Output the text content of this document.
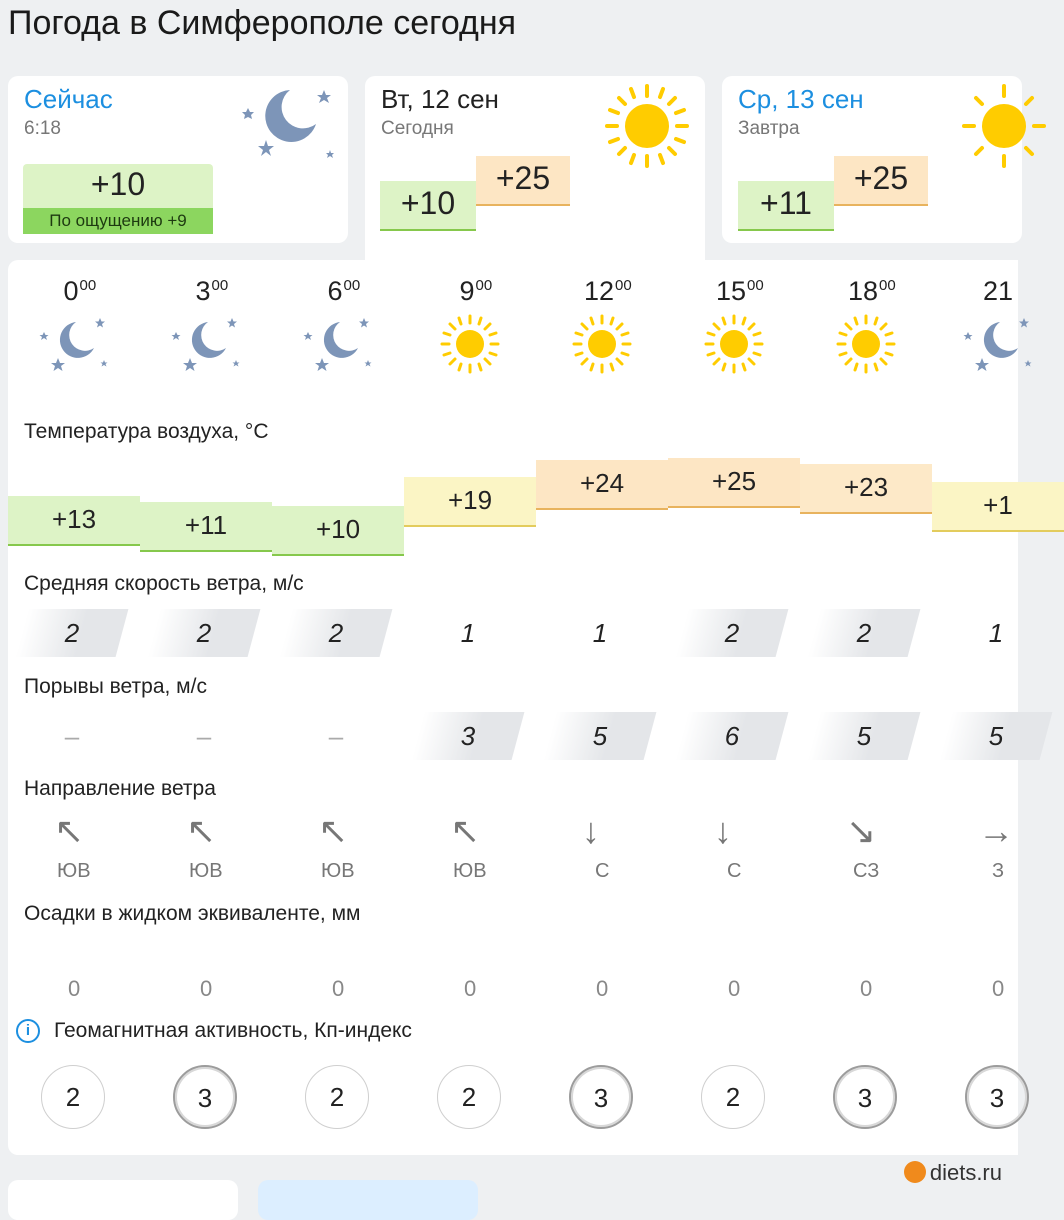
Погода в Симферополе сегодня
Сейчас
6:18
+10
По ощущению +9
Вт, 12 сен
Сегодня
+10
+25
Ср, 13 сен
Завтра
+11
+25
Температура воздуха, °C
Средняя скорость ветра, м/с
Порывы ветра, м/с
Направление ветра
Осадки в жидком эквиваленте, мм
Геомагнитная активность, Кп-индекс
$0^{00}$
+13
2
–
↖
ЮВ
0
2
$3^{00}$
+11
2
–
↖
ЮВ
0
3
$6^{00}$
+10
2
–
↖
ЮВ
0
2
$9^{00}$
+19
1
3
↖
ЮВ
0
2
$12^{00}$
+24
1
5
↓
С
0
3
$15^{00}$
+25
2
6
↓
С
0
2
$18^{00}$
+23
2
5
↘
СЗ
0
3
21
+1
1
5
→
З
0
3
i
diets.ru
